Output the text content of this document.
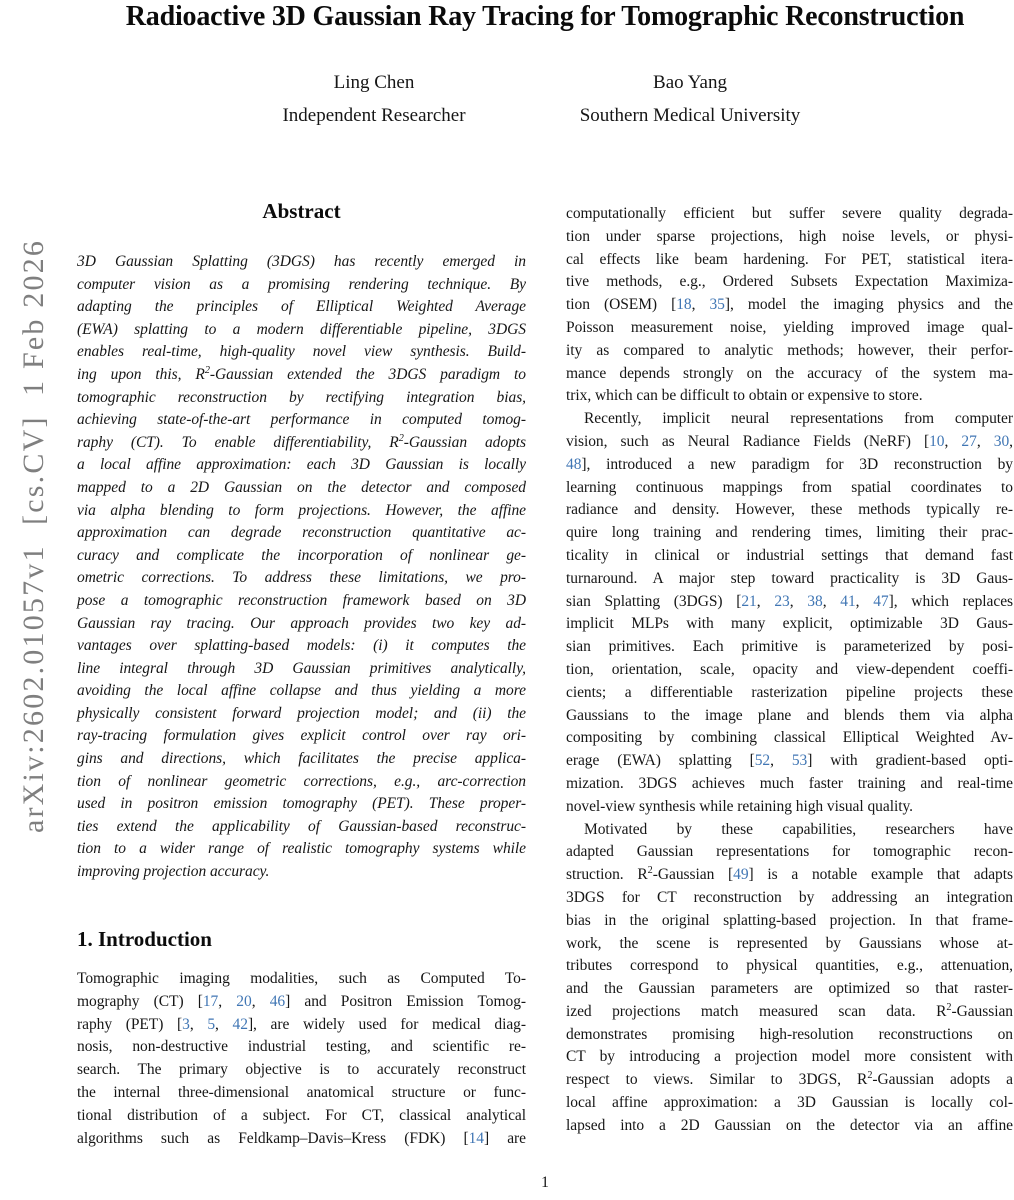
arXiv:2602.01057v1  [cs.CV]  1 Feb 2026
Radioactive 3D Gaussian Ray Tracing for Tomographic Reconstruction
Ling Chen
Independent Researcher
Bao Yang
Southern Medical University
Abstract
3D Gaussian Splatting (3DGS) has recently emerged in
computer vision as a promising rendering technique. By
adapting the principles of Elliptical Weighted Average
(EWA) splatting to a modern differentiable pipeline, 3DGS
enables real-time, high-quality novel view synthesis. Build-
ing upon this, $R^2$-Gaussian extended the 3DGS paradigm to
tomographic reconstruction by rectifying integration bias,
achieving state-of-the-art performance in computed tomog-
raphy (CT). To enable differentiability, $R^2$-Gaussian adopts
a local affine approximation: each 3D Gaussian is locally
mapped to a 2D Gaussian on the detector and composed
via alpha blending to form projections. However, the affine
approximation can degrade reconstruction quantitative ac-
curacy and complicate the incorporation of nonlinear ge-
ometric corrections. To address these limitations, we pro-
pose a tomographic reconstruction framework based on 3D
Gaussian ray tracing. Our approach provides two key ad-
vantages over splatting-based models: (i) it computes the
line integral through 3D Gaussian primitives analytically,
avoiding the local affine collapse and thus yielding a more
physically consistent forward projection model; and (ii) the
ray-tracing formulation gives explicit control over ray ori-
gins and directions, which facilitates the precise applica-
tion of nonlinear geometric corrections, e.g., arc-correction
used in positron emission tomography (PET). These proper-
ties extend the applicability of Gaussian-based reconstruc-
tion to a wider range of realistic tomography systems while
improving projection accuracy.
1. Introduction
Tomographic imaging modalities, such as Computed To-
mography (CT) [17, 20, 46] and Positron Emission Tomog-
raphy (PET) [3, 5, 42], are widely used for medical diag-
nosis, non-destructive industrial testing, and scientific re-
search. The primary objective is to accurately reconstruct
the internal three-dimensional anatomical structure or func-
tional distribution of a subject. For CT, classical analytical
algorithms such as Feldkamp–Davis–Kress (FDK) [14] are
computationally efficient but suffer severe quality degrada-
tion under sparse projections, high noise levels, or physi-
cal effects like beam hardening. For PET, statistical itera-
tive methods, e.g., Ordered Subsets Expectation Maximiza-
tion (OSEM) [18, 35], model the imaging physics and the
Poisson measurement noise, yielding improved image qual-
ity as compared to analytic methods; however, their perfor-
mance depends strongly on the accuracy of the system ma-
trix, which can be difficult to obtain or expensive to store.
Recently, implicit neural representations from computer
vision, such as Neural Radiance Fields (NeRF) [10, 27, 30,
48], introduced a new paradigm for 3D reconstruction by
learning continuous mappings from spatial coordinates to
radiance and density. However, these methods typically re-
quire long training and rendering times, limiting their prac-
ticality in clinical or industrial settings that demand fast
turnaround. A major step toward practicality is 3D Gaus-
sian Splatting (3DGS) [21, 23, 38, 41, 47], which replaces
implicit MLPs with many explicit, optimizable 3D Gaus-
sian primitives. Each primitive is parameterized by posi-
tion, orientation, scale, opacity and view-dependent coeffi-
cients; a differentiable rasterization pipeline projects these
Gaussians to the image plane and blends them via alpha
compositing by combining classical Elliptical Weighted Av-
erage (EWA) splatting [52, 53] with gradient-based opti-
mization. 3DGS achieves much faster training and real-time
novel-view synthesis while retaining high visual quality.
Motivated by these capabilities, researchers have
adapted Gaussian representations for tomographic recon-
struction. $R^2$-Gaussian [49] is a notable example that adapts
3DGS for CT reconstruction by addressing an integration
bias in the original splatting-based projection. In that frame-
work, the scene is represented by Gaussians whose at-
tributes correspond to physical quantities, e.g., attenuation,
and the Gaussian parameters are optimized so that raster-
ized projections match measured scan data. $R^2$-Gaussian
demonstrates promising high-resolution reconstructions on
CT by introducing a projection model more consistent with
respect to views. Similar to 3DGS, $R^2$-Gaussian adopts a
local affine approximation: a 3D Gaussian is locally col-
lapsed into a 2D Gaussian on the detector via an affine
1
